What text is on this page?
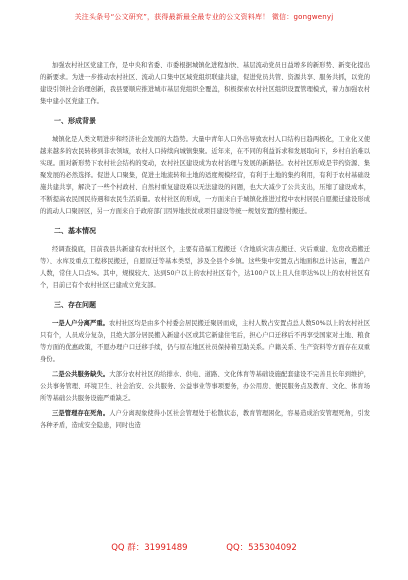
关注头条号“公文研究”，获得最新最全最专业的公文资料库！ 微信：gongwenyj

加强农村社区党建工作，是中央和省委、市委根据城镇化进程加快、基层流动党员日益增多的新形势、新变化提出的新要求。为进一步推动农村社区、流动人口集中区域党组织联建共建，促进党员共管、资源共享、服务共抓，以党的建设引领社会治理创新，我县要顺应推进城市基层党组织全覆盖，积极探索农村社区组织设置管理模式，着力加强农村集中建小区党建工作。

一、形成背景

城镇化是人类文明进步和经济社会发展的大趋势。大量中青年人口外出导致农村人口结构日趋两极化，工业化又使越来越多的农民转移到非农领域，农村人口持续向城镇集聚。近年来，在不同的利益诉求和发展取向下，乡村自治难以实现。面对新形势下农村社会结构的变动，农村社区建设成为农村治理与发展的新路径。农村社区形成是节约资源、集聚发展的必然选择。促进人口聚集，促进土地流转和土地的适度规模经营，有利于土地的集约利用，有利于农村基础设施共建共享，解决了一些个村政村、自然村重复建设难以无法建设的问题，也大大减少了公共支出，压缩了建设成本，不断提高农民国民待遇和农民生活质量。农村社区的形成，一方面来自于城镇化推进过程中农村居民自愿搬迁建设形成的流动人口聚居区，另一方面来自于政府部门因异地扶贫或项目建设等统一规划安置的整村搬迁。

二、基本情况

经调查摸底，目前我县共新建有农村社区个，主要有造福工程搬迁（含地质灾害点搬迁、灾后重建、危房改造搬迁等）、水库及重点工程移民搬迁，自愿原迁等基本类型，涉及全县个乡镇。这些集中安置点占地面积总计达亩，覆盖户人数，常住人口点%。其中，规模较大、达到50户以上的农村社区有个，达100户以上且人住率达%以上的农村社区有个，目前已有个农村社区已建成立党支部。

三、存在问题

一是人户分离严重。农村社区均是由多个村委会居民搬迁聚居而成，主村人数占安置点总人数50%以上的农村社区只有个，人员成分复杂，且绝大部分居民搬入新建小区或其它新建住宅后，担心户口迁移后不再享受国家对土地、粮食等方面的优惠政策，不愿办理户口迁移手续，仍与原在地区社员保持着互助关系。户籍关系、生产资料等方面存在双重身份。

二是公共服务缺失。大部分农村社区的给排水、供电、道路、文化体育等基础设施配套建设不完善且长年到维护，公共事务管理、环境卫生、社会治安、公共服务、公益事业等事项要务，办公用房、便民服务点及教育、文化、体育场所等基础公共服务设施严重缺乏。

三是管理存在死角。人户分离现象使得小区社会管理处于松散状态，教育管理困化，容易造成治安管理死角，引发各种矛盾，造成安全隐患，同时也造

QQ 群：31991489	QQ：535304092
